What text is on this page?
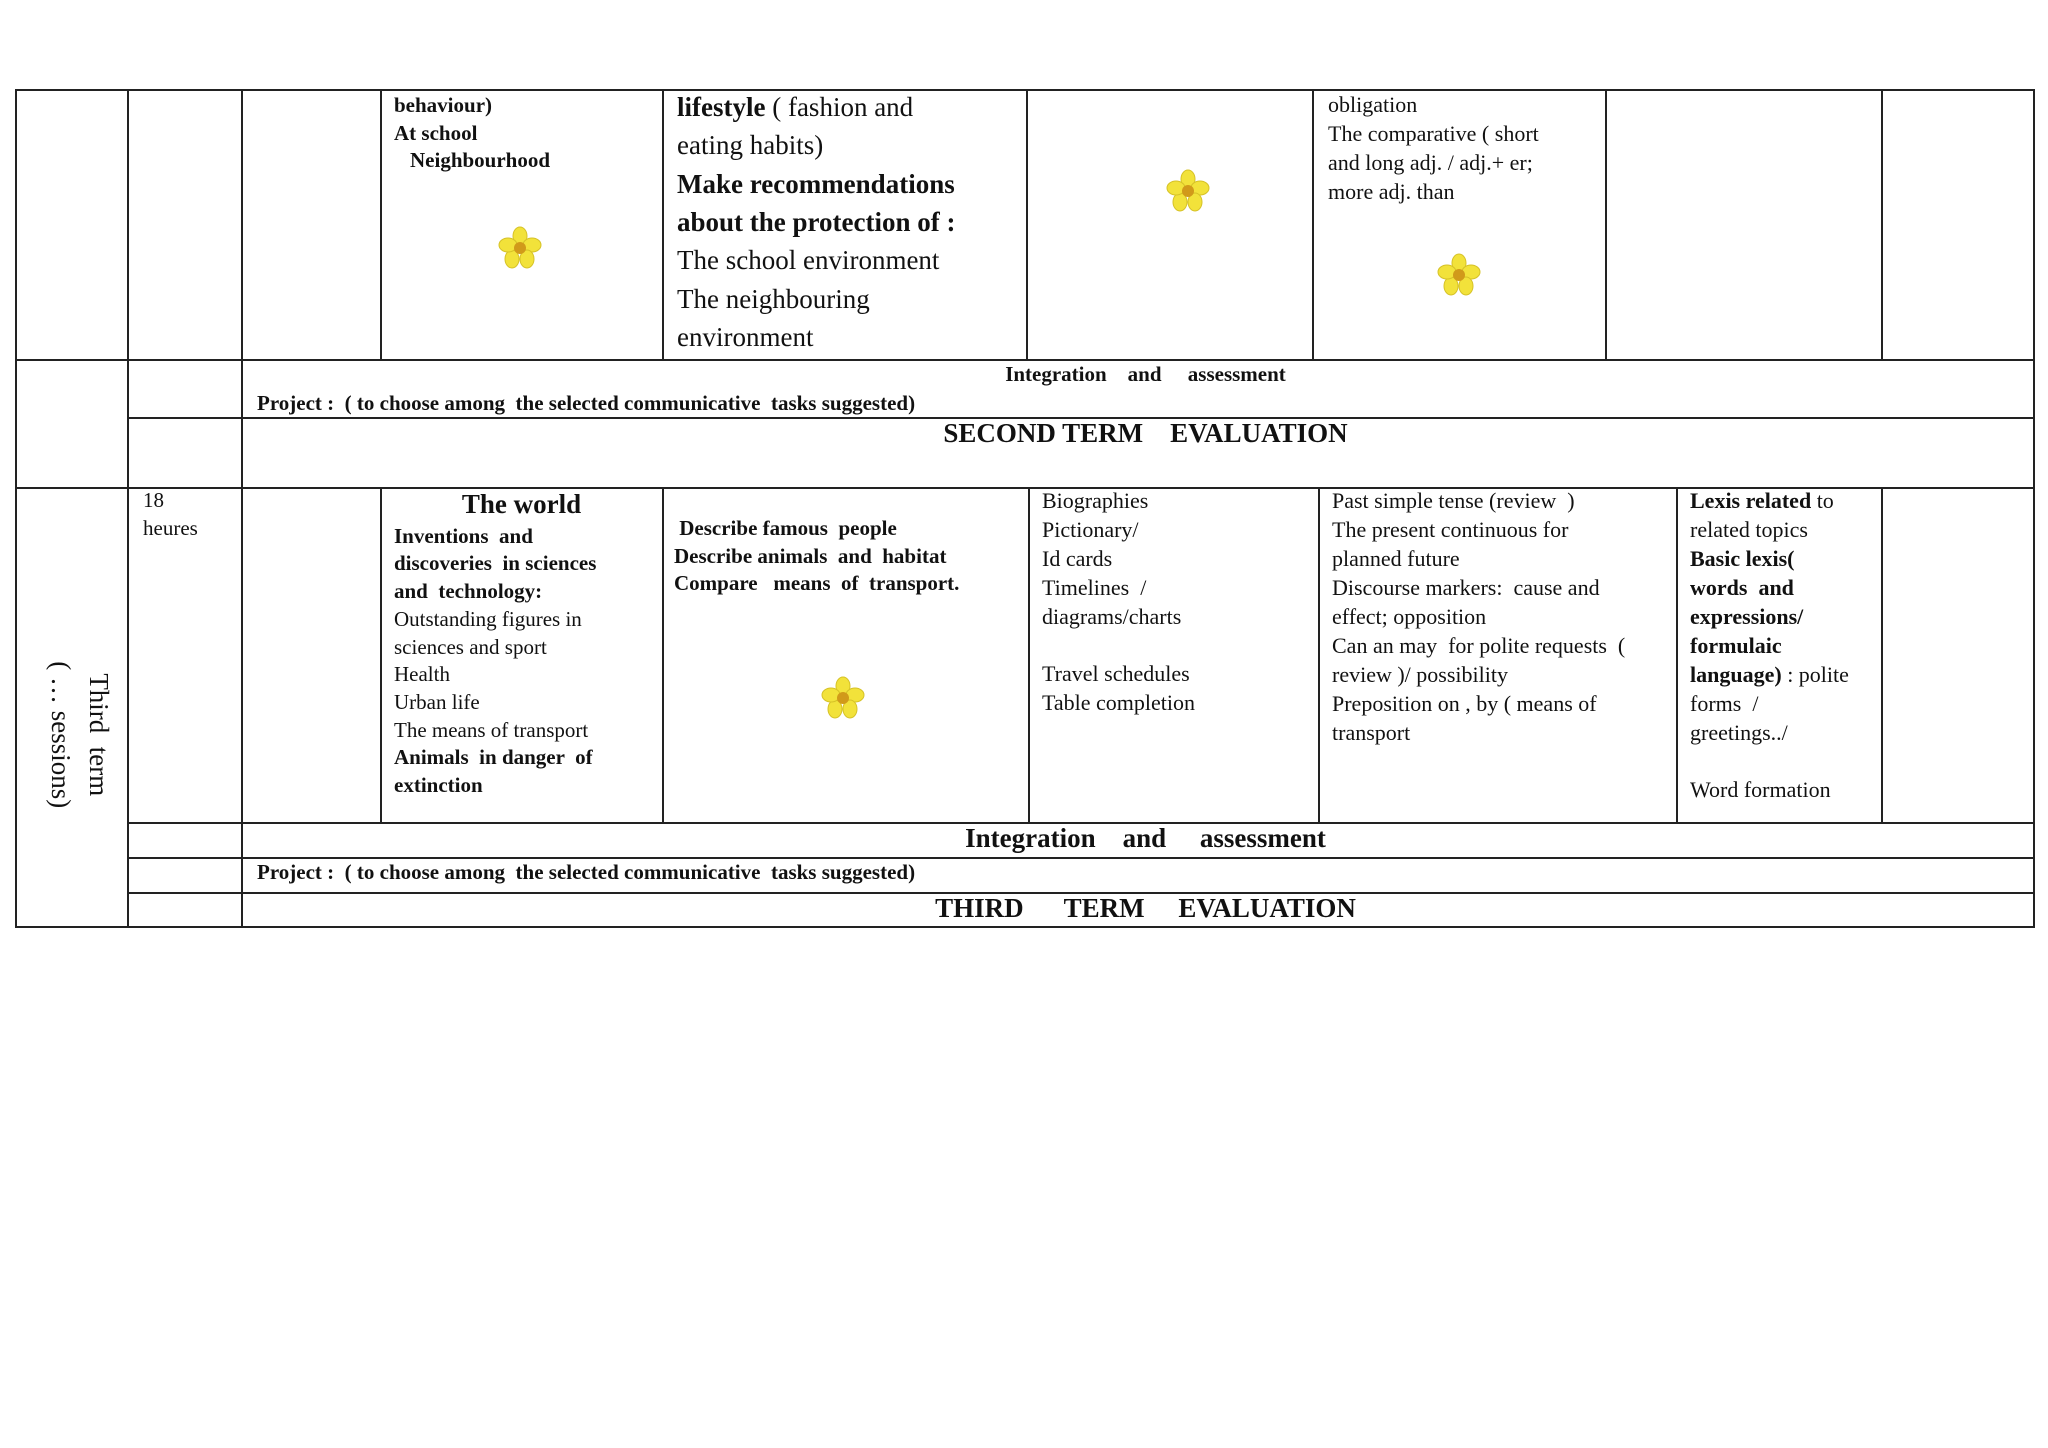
behaviour)
At school
Neighbourhood
lifestyle ( fashion and
eating habits)
Make recommendations
about the protection of :
The school environment
The neighbouring
environment
obligation
The comparative ( short
and long adj. / adj.+ er;
more adj. than
Integration    and     assessment
Project :  ( to choose among  the selected communicative  tasks suggested)
SECOND TERM    EVALUATION
Third  term
( … sessions)
18
heures
The world
Inventions  and
discoveries  in sciences
and  technology:
Outstanding figures in
sciences and sport
Health
Urban life
The means of transport
Animals  in danger  of
extinction
Describe famous  people
Describe animals  and  habitat
Compare   means  of  transport.
Biographies
Pictionary/
Id cards
Timelines  /
diagrams/charts
Travel schedules
Table completion
Past simple tense (review  )
The present continuous for
planned future
Discourse markers:  cause and
effect; opposition
Can an may  for polite requests  (
review )/ possibility
Preposition on , by ( means of
transport
Lexis related to
related topics
Basic lexis(
words  and
expressions/
formulaic
language) : polite
forms  /
greetings../
Word formation
Integration    and     assessment
Project :  ( to choose among  the selected communicative  tasks suggested)
THIRD      TERM     EVALUATION
